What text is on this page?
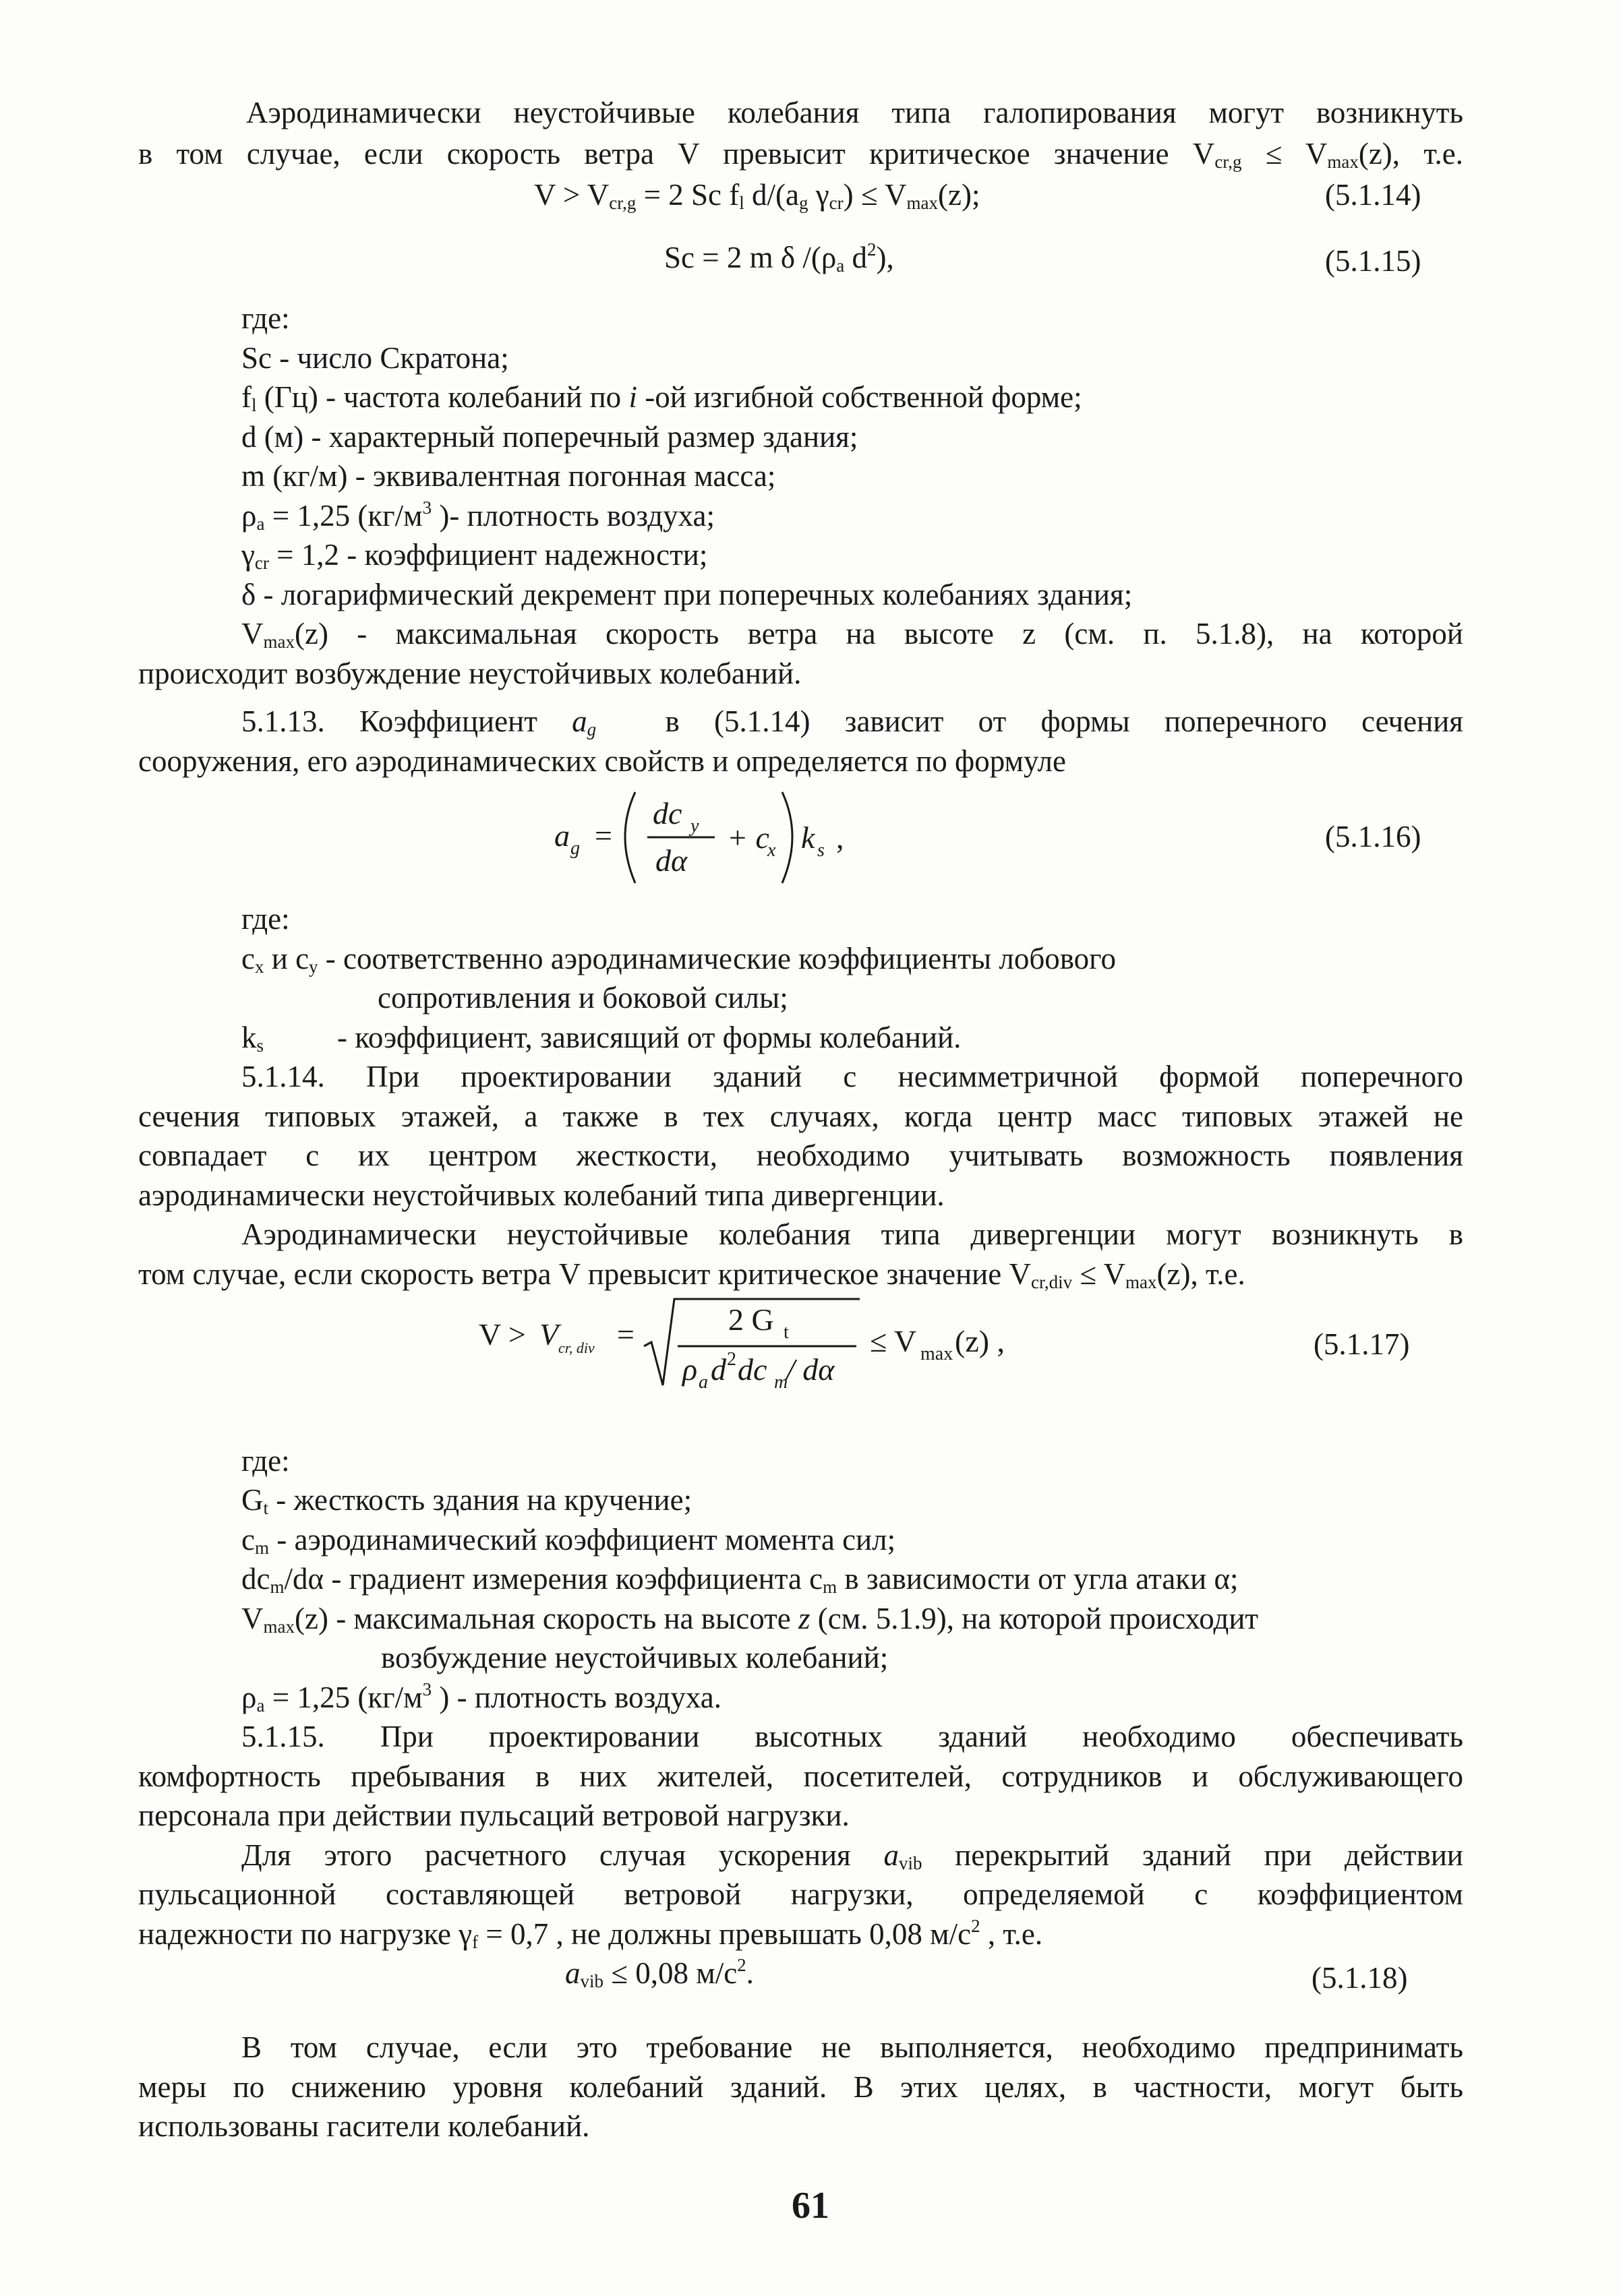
Аэродинамически неустойчивые колебания типа галопирования могут возникнуть
в том случае, если скорость ветра V превысит критическое значение $V_{cr,g} \le V_{max}(z)$, т.е.
$V > V_{cr,g} = 2$ Sc $f_l$ $d/(a_g$ $\gamma_{cr}) \le V_{max}(z)$;	(5.1.14)
Sc = 2 m δ $/(\rho_a$ $d^2$),	(5.1.15)
где:
Sc - число Скратона;
$f_l$ (Гц) - частота колебаний по i -ой изгибной собственной форме;
d (м) - характерный поперечный размер здания;
m (кг/м) - эквивалентная погонная масса;
$\rho_a = 1,25$ ($кг/м^3$ )- плотность воздуха;
$\gamma_{cr} = 1,2$ - коэффициент надежности;
δ - логарифмический декремент при поперечных колебаниях здания;
$V_{max}(z)$ - максимальная скорость ветра на высоте z (см. п. 5.1.8), на которой
происходит возбуждение неустойчивых колебаний.
5.1.13. Коэффициент $a_g$ в (5.1.14) зависит от формы поперечного сечения
сооружения, его аэродинамических свойств и определяется по формуле
a g =
dc y
dα
+ c
x k s ,	(5.1.16)
где:
$c_x$ и $c_y$ - соответственно аэродинамические коэффициенты лобового
сопротивления и боковой силы;
$k_s$ - коэффициент, зависящий от формы колебаний.
5.1.14. При проектировании зданий с несимметричной формой поперечного
сечения типовых этажей, а также в тех случаях, когда центр масс типовых этажей не
совпадает с их центром жесткости, необходимо учитывать возможность появления
аэродинамически неустойчивых колебаний типа дивергенции.
Аэродинамически неустойчивые колебания типа дивергенции могут возникнуть в
том случае, если скорость ветра V превысит критическое значение $V_{cr,div} \le V_{max}(z)$, т.е.
V > V cr, div =	2 G t
ρ a d 2 dc m
/ dα
≤ V max (z) ,	(5.1.17)
где:
$G_t$ - жесткость здания на кручение;
$c_m$ - аэродинамический коэффициент момента сил;
$dc_m/d\alpha$ - градиент измерения коэффициента $c_m$ в зависимости от угла атаки α;
$V_{max}(z)$ - максимальная скорость на высоте z (см. 5.1.9), на которой происходит
возбуждение неустойчивых колебаний;
$\rho_a = 1,25$ ($кг/м^3$ ) - плотность воздуха.
5.1.15. При проектировании высотных зданий необходимо обеспечивать
комфортность пребывания в них жителей, посетителей, сотрудников и обслуживающего
персонала при действии пульсаций ветровой нагрузки.
Для этого расчетного случая ускорения $a_{vib}$ перекрытий зданий при действии
пульсационной составляющей ветровой нагрузки, определяемой с коэффициентом
надежности по нагрузке $\gamma_f = 0,7$ , не должны превышать 0,08 $м/с^2$ , т.е.
$a_{vib} \le 0,08$ $м/с^2$.	(5.1.18)
В том случае, если это требование не выполняется, необходимо предпринимать
меры по снижению уровня колебаний зданий. В этих целях, в частности, могут быть
использованы гасители колебаний.
61
